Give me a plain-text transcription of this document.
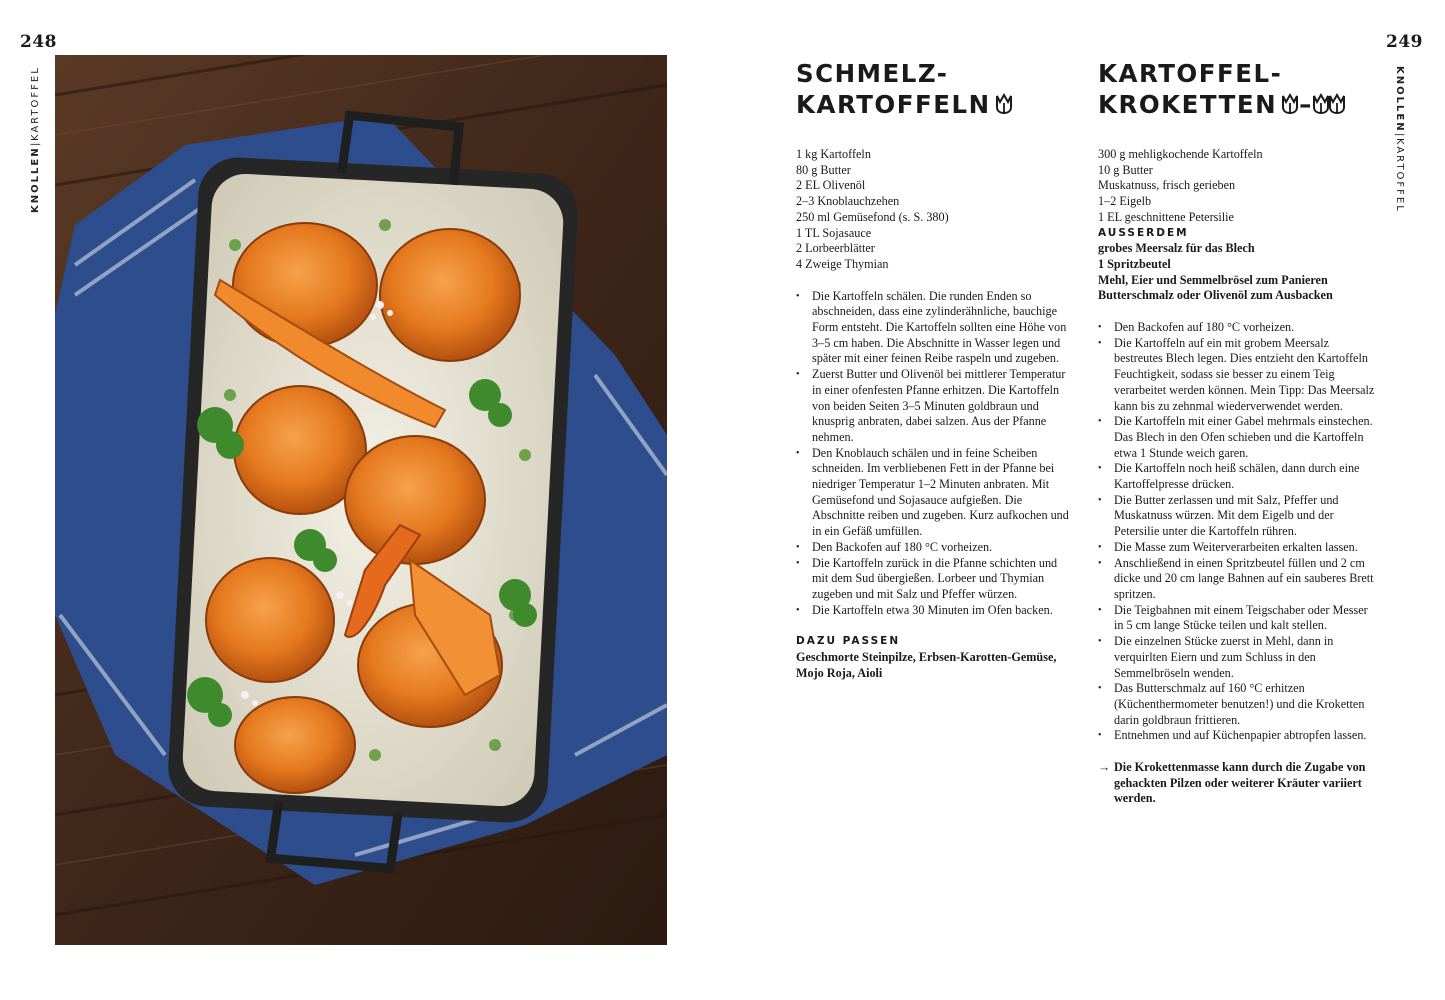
248	249
KNOLLEN|KARTOFFEL	KNOLLEN|KARTOFFEL
SCHMELZ-
KARTOFFELN
1 kg Kartoffeln
80 g Butter
2 EL Olivenöl
2–3 Knoblauchzehen
250 ml Gemüsefond (s. S. 380)
1 TL Sojasauce
2 Lorbeerblätter
4 Zweige Thymian
• Die Kartoffeln schälen. Die runden Enden so abschneiden, dass eine zylinderähnliche, bauchige Form entsteht. Die Kartoffeln sollten eine Höhe von 3–5 cm haben. Die Abschnitte in Wasser legen und später mit einer feinen Reibe raspeln und zugeben.
• Zuerst Butter und Olivenöl bei mittlerer Temperatur in einer ofenfesten Pfanne erhitzen. Die Kartoffeln von beiden Seiten 3–5 Minuten goldbraun und knusprig anbraten, dabei salzen. Aus der Pfanne nehmen.
• Den Knoblauch schälen und in feine Scheiben schneiden. Im verbliebenen Fett in der Pfanne bei niedriger Temperatur 1–2 Minuten anbraten. Mit Gemüsefond und Sojasauce aufgießen. Die Abschnitte reiben und zugeben. Kurz aufkochen und in ein Gefäß umfüllen.
• Den Backofen auf 180 °C vorheizen.
• Die Kartoffeln zurück in die Pfanne schichten und mit dem Sud übergießen. Lorbeer und Thymian zugeben und mit Salz und Pfeffer würzen.
• Die Kartoffeln etwa 30 Minuten im Ofen backen.
DAZU PASSEN

Geschmorte Steinpilze, Erbsen-Karotten-Gemüse, Mojo Roja, Aioli

KARTOFFEL-
KROKETTEN –
300 g mehligkochende Kartoffeln
10 g Butter
Muskatnuss, frisch gerieben
1–2 Eigelb
1 EL geschnittene Petersilie
AUSSERDEM
grobes Meersalz für das Blech
1 Spritzbeutel
Mehl, Eier und Semmelbrösel zum Panieren
Butterschmalz oder Olivenöl zum Ausbacken
• Den Backofen auf 180 °C vorheizen.
• Die Kartoffeln auf ein mit grobem Meersalz bestreutes Blech legen. Dies entzieht den Kartoffeln Feuchtigkeit, sodass sie besser zu einem Teig verarbeitet werden können. Mein Tipp: Das Meersalz kann bis zu zehnmal wiederverwendet werden.
• Die Kartoffeln mit einer Gabel mehrmals einstechen. Das Blech in den Ofen schieben und die Kartoffeln etwa 1 Stunde weich garen.
• Die Kartoffeln noch heiß schälen, dann durch eine Kartoffelpresse drücken.
• Die Butter zerlassen und mit Salz, Pfeffer und Muskatnuss würzen. Mit dem Eigelb und der Petersilie unter die Kartoffeln rühren.
• Die Masse zum Weiterverarbeiten erkalten lassen.
• Anschließend in einen Spritzbeutel füllen und 2 cm dicke und 20 cm lange Bahnen auf ein sauberes Brett spritzen.
• Die Teigbahnen mit einem Teigschaber oder Messer in 5 cm lange Stücke teilen und kalt stellen.
• Die einzelnen Stücke zuerst in Mehl, dann in verquirlten Eiern und zum Schluss in den Semmelbröseln wenden.
• Das Butterschmalz auf 160 °C erhitzen (Küchenthermometer benutzen!) und die Kroketten darin goldbraun frittieren.
• Entnehmen und auf Küchenpapier abtropfen lassen.

→ Die Krokettenmasse kann durch die Zugabe von gehackten Pilzen oder weiterer Kräuter variiert werden.
